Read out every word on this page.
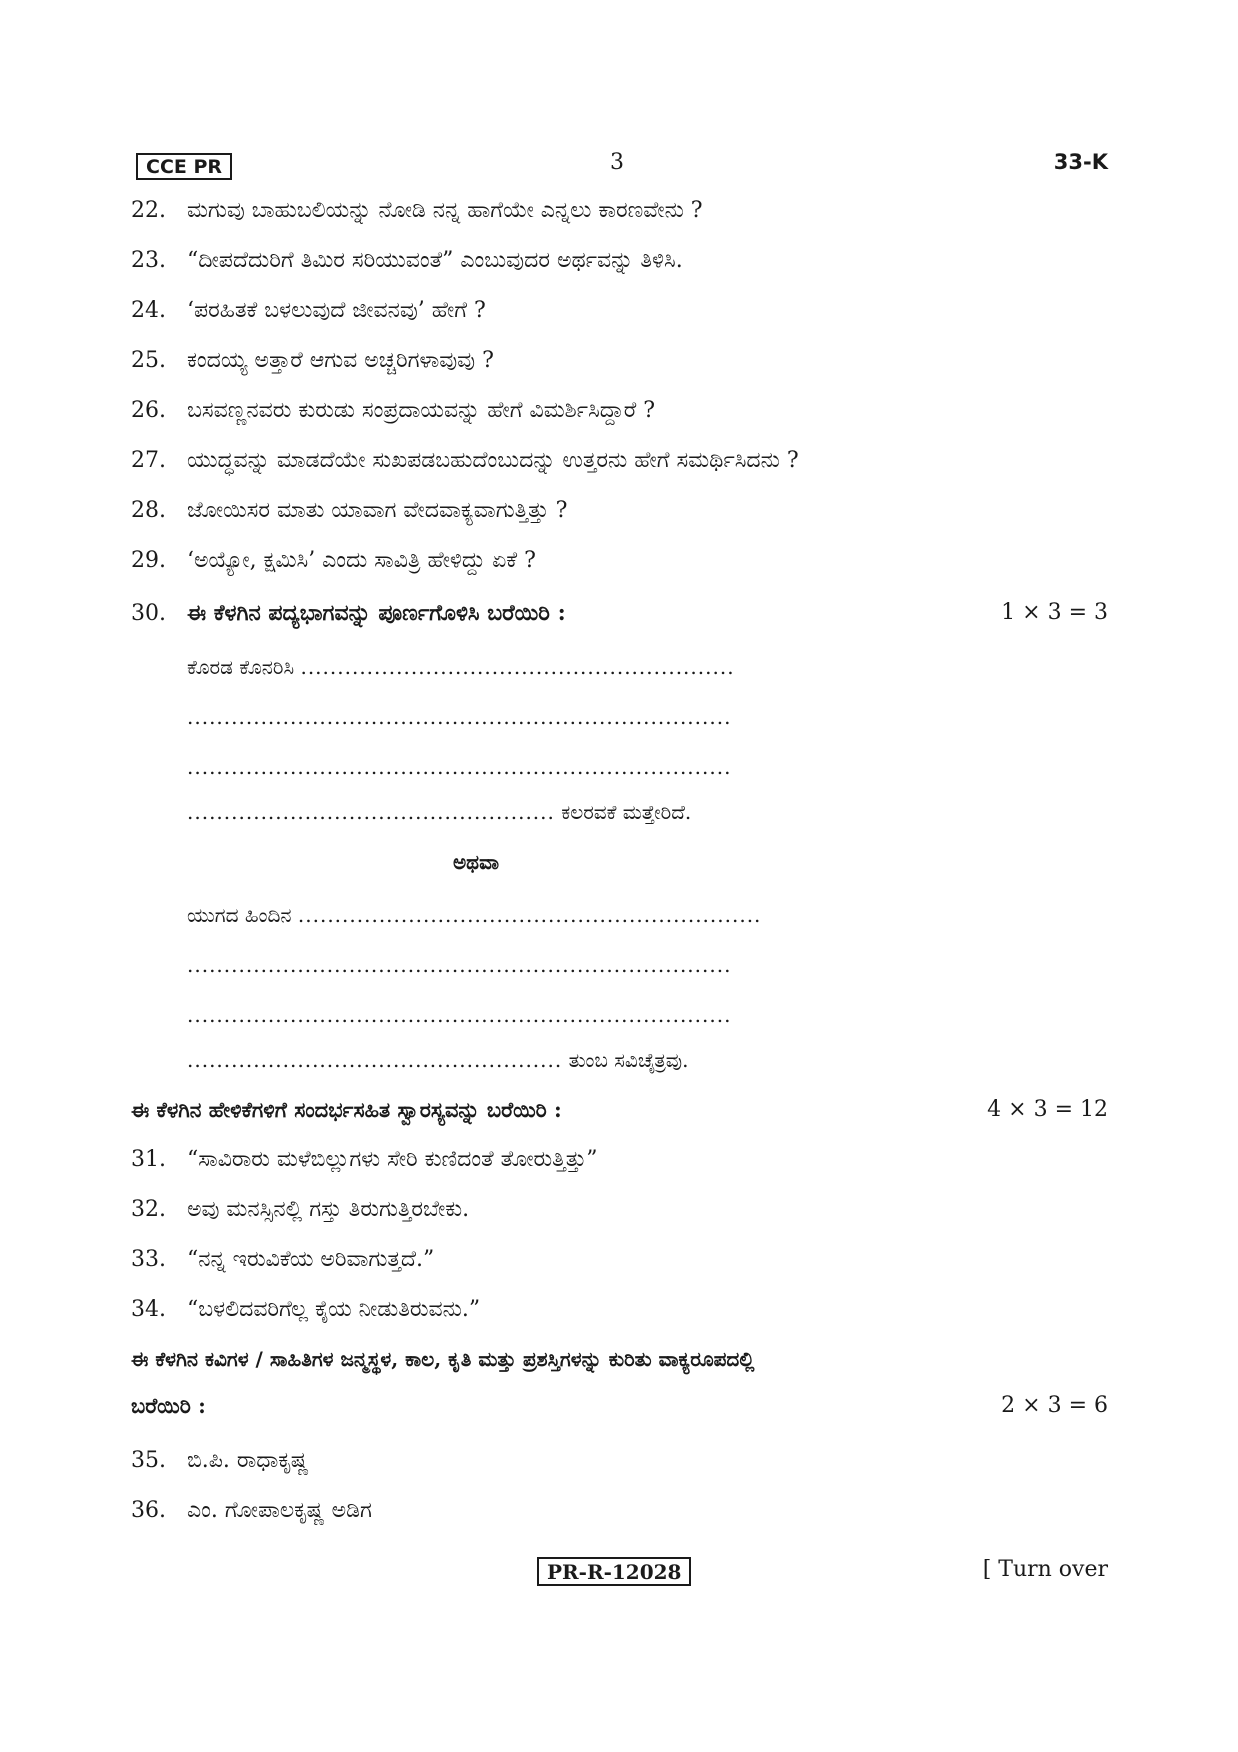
CCE PR	3	33-K
22. ಮಗುವು ಬಾಹುಬಲಿಯನ್ನು ನೋಡಿ ನನ್ನ ಹಾಗೆಯೇ ಎನ್ನಲು ಕಾರಣವೇನು ?
23. “ದೀಪದೆದುರಿಗೆ ತಿಮಿರ ಸರಿಯುವಂತೆ” ಎಂಬುವುದರ ಅರ್ಥವನ್ನು ತಿಳಿಸಿ.
24. ‘ಪರಹಿತಕೆ ಬಳಲುವುದೆ ಜೀವನವು’ ಹೇಗೆ ?
25. ಕಂದಯ್ಯ ಅತ್ತಾರೆ ಆಗುವ ಅಚ್ಚರಿಗಳಾವುವು ?
26. ಬಸವಣ್ಣನವರು ಕುರುಡು ಸಂಪ್ರದಾಯವನ್ನು ಹೇಗೆ ವಿಮರ್ಶಿಸಿದ್ದಾರೆ ?
27. ಯುದ್ಧವನ್ನು ಮಾಡದೆಯೇ ಸುಖಪಡಬಹುದೆಂಬುದನ್ನು ಉತ್ತರನು ಹೇಗೆ ಸಮರ್ಥಿಸಿದನು ?
28. ಜೋಯಿಸರ ಮಾತು ಯಾವಾಗ ವೇದವಾಕ್ಯವಾಗುತ್ತಿತ್ತು ?
29. ‘ಅಯ್ಯೋ, ಕ್ಷಮಿಸಿ’ ಎಂದು ಸಾವಿತ್ರಿ ಹೇಳಿದ್ದು ಏಕೆ ?
30. ಈ ಕೆಳಗಿನ ಪದ್ಯಭಾಗವನ್ನು ಪೂರ್ಣಗೊಳಿಸಿ ಬರೆಯಿರಿ :	1 × 3 = 3
ಕೊರಡ ಕೊನರಿಸಿ ...........................................................
..........................................................................
..........................................................................
.................................................. ಕಲರವಕೆ ಮತ್ತೇರಿದೆ.
ಅಥವಾ
ಯುಗದ ಹಿಂದಿನ ...............................................................
..........................................................................
..........................................................................
................................................... ತುಂಬ ಸವಿಚೈತ್ರವು.
ಈ ಕೆಳಗಿನ ಹೇಳಿಕೆಗಳಿಗೆ ಸಂದರ್ಭಸಹಿತ ಸ್ವಾರಸ್ಯವನ್ನು ಬರೆಯಿರಿ :	4 × 3 = 12
31. “ಸಾವಿರಾರು ಮಳೆಬಿಲ್ಲುಗಳು ಸೇರಿ ಕುಣಿದಂತೆ ತೋರುತ್ತಿತ್ತು”
32. ಅವು ಮನಸ್ಸಿನಲ್ಲಿ ಗಸ್ತು ತಿರುಗುತ್ತಿರಬೇಕು.
33. “ನನ್ನ ಇರುವಿಕೆಯ ಅರಿವಾಗುತ್ತದೆ.”
34. “ಬಳಲಿದವರಿಗೆಲ್ಲ ಕೈಯ ನೀಡುತಿರುವನು.”
ಈ ಕೆಳಗಿನ ಕವಿಗಳ / ಸಾಹಿತಿಗಳ ಜನ್ಮಸ್ಥಳ, ಕಾಲ, ಕೃತಿ ಮತ್ತು ಪ್ರಶಸ್ತಿಗಳನ್ನು ಕುರಿತು ವಾಕ್ಯರೂಪದಲ್ಲಿ
ಬರೆಯಿರಿ :	2 × 3 = 6
35. ಬಿ.ಪಿ. ರಾಧಾಕೃಷ್ಣ
36. ಎಂ. ಗೋಪಾಲಕೃಷ್ಣ ಅಡಿಗ
PR-R-12028	[ Turn over
